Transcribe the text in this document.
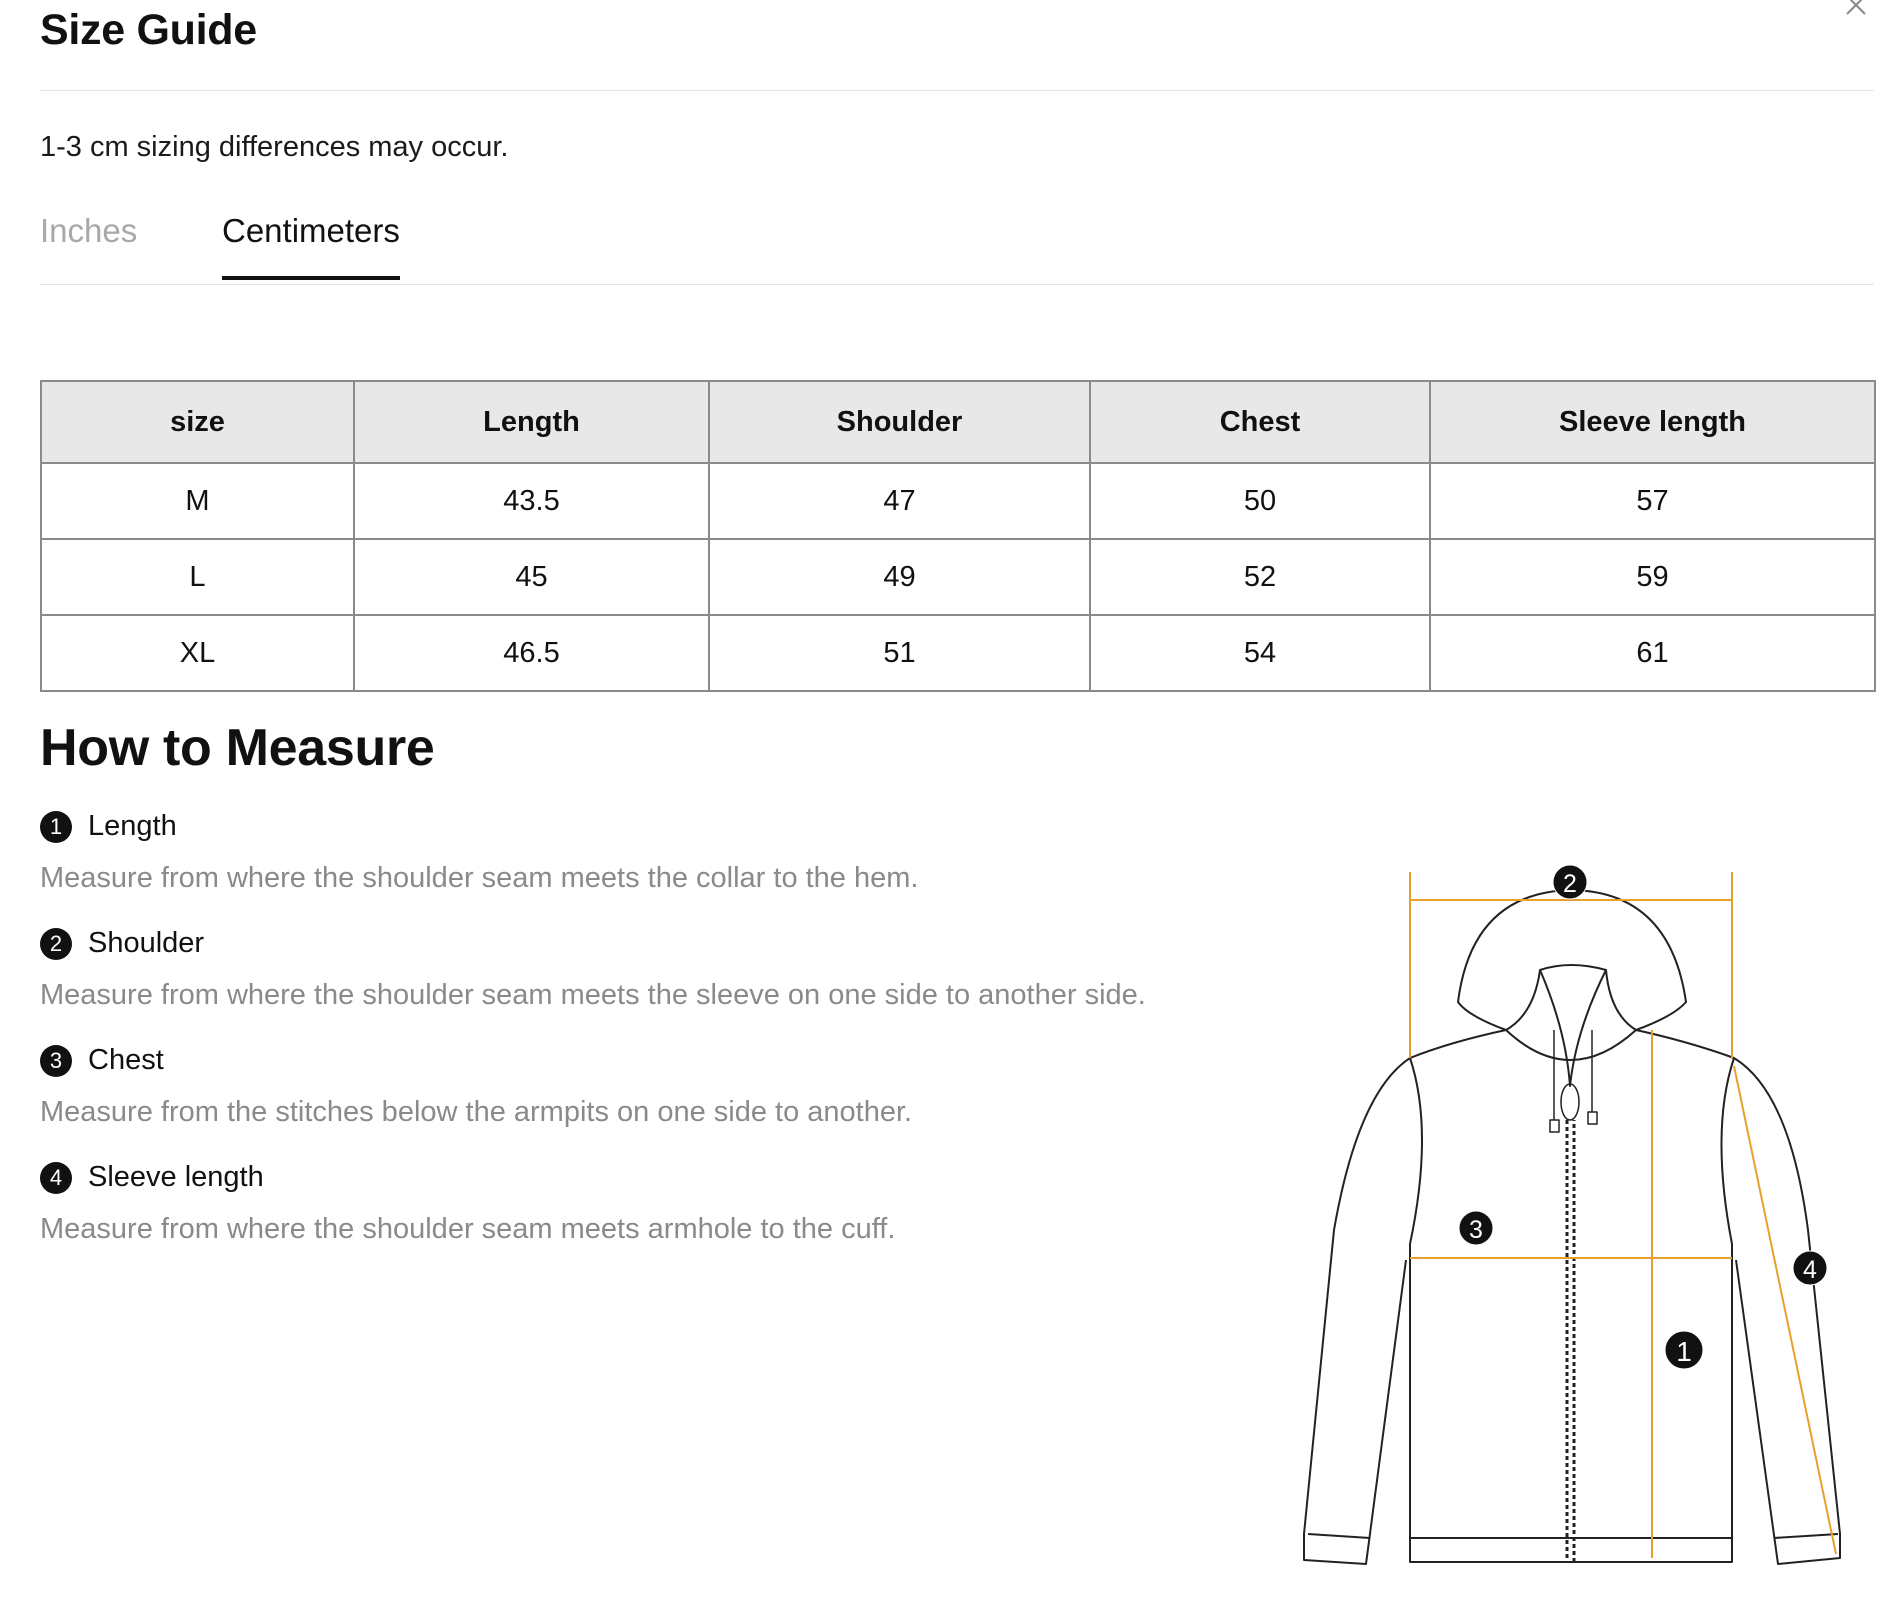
Size Guide
1-3 cm sizing differences may occur.
Inches	Centimeters
size	Length	Shoulder	Chest	Sleeve length
M	43.5	47	50	57
L	45	49	52	59
XL	46.5	51	54	61
How to Measure
1 Length
Measure from where the shoulder seam meets the collar to the hem.
2 Shoulder
Measure from where the shoulder seam meets the sleeve on one side to another side.
3 Chest
Measure from the stitches below the armpits on one side to another.
4 Sleeve length
Measure from where the shoulder seam meets armhole to the cuff.
2
3
1
4
